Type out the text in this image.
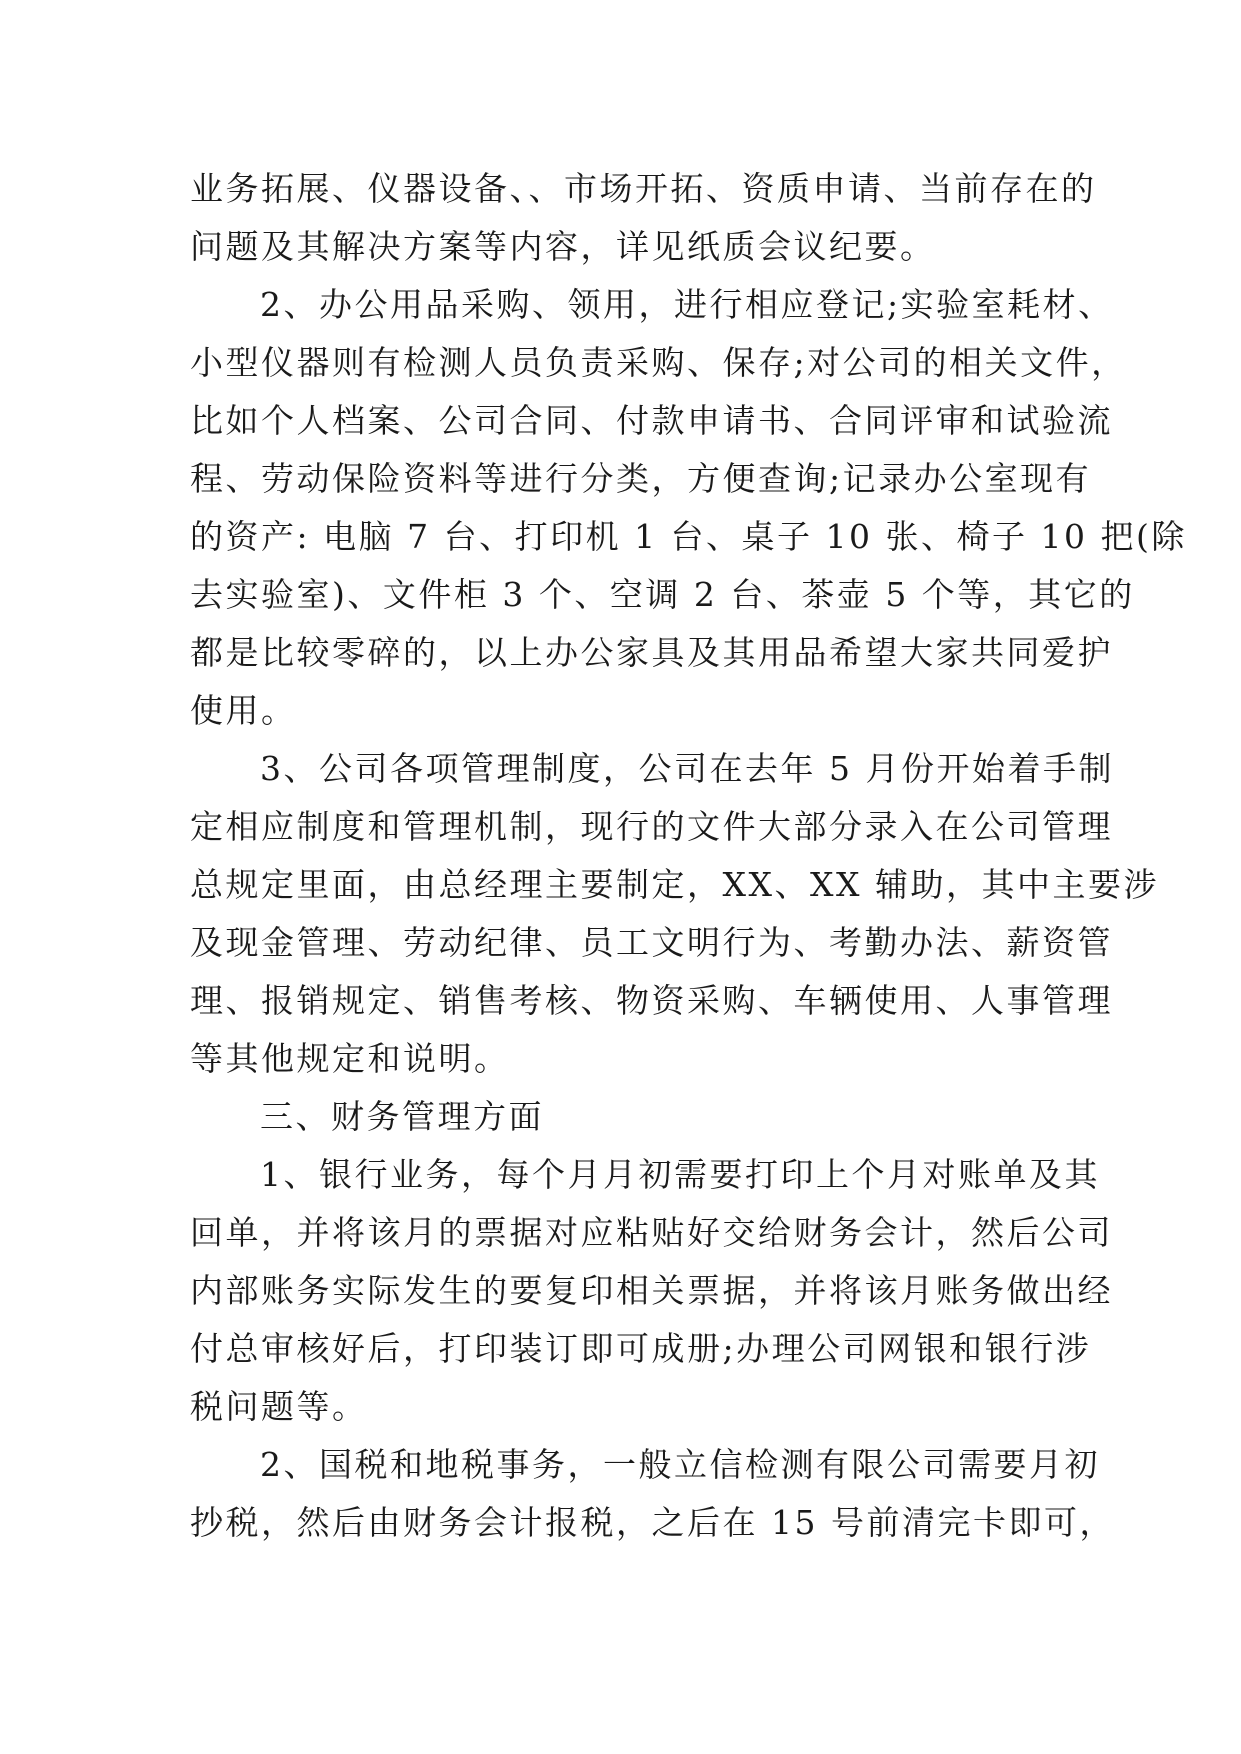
业务拓展、仪器设备、、市场开拓、资质申请、当前存在的
问题及其解决方案等内容，详见纸质会议纪要。
2、办公用品采购、领用，进行相应登记;实验室耗材、
小型仪器则有检测人员负责采购、保存;对公司的相关文件，
比如个人档案、公司合同、付款申请书、合同评审和试验流
程、劳动保险资料等进行分类，方便查询;记录办公室现有
的资产: 电脑 7 台、打印机 1 台、桌子 10 张、椅子 10 把(除
去实验室)、文件柜 3 个、空调 2 台、茶壶 5 个等，其它的
都是比较零碎的，以上办公家具及其用品希望大家共同爱护
使用。
3、公司各项管理制度，公司在去年 5 月份开始着手制
定相应制度和管理机制，现行的文件大部分录入在公司管理
总规定里面，由总经理主要制定，XX、XX 辅助，其中主要涉
及现金管理、劳动纪律、员工文明行为、考勤办法、薪资管
理、报销规定、销售考核、物资采购、车辆使用、人事管理
等其他规定和说明。
三、财务管理方面
1、银行业务，每个月月初需要打印上个月对账单及其
回单，并将该月的票据对应粘贴好交给财务会计，然后公司
内部账务实际发生的要复印相关票据，并将该月账务做出经
付总审核好后，打印装订即可成册;办理公司网银和银行涉
税问题等。
2、国税和地税事务，一般立信检测有限公司需要月初
抄税，然后由财务会计报税，之后在 15 号前清完卡即可，
